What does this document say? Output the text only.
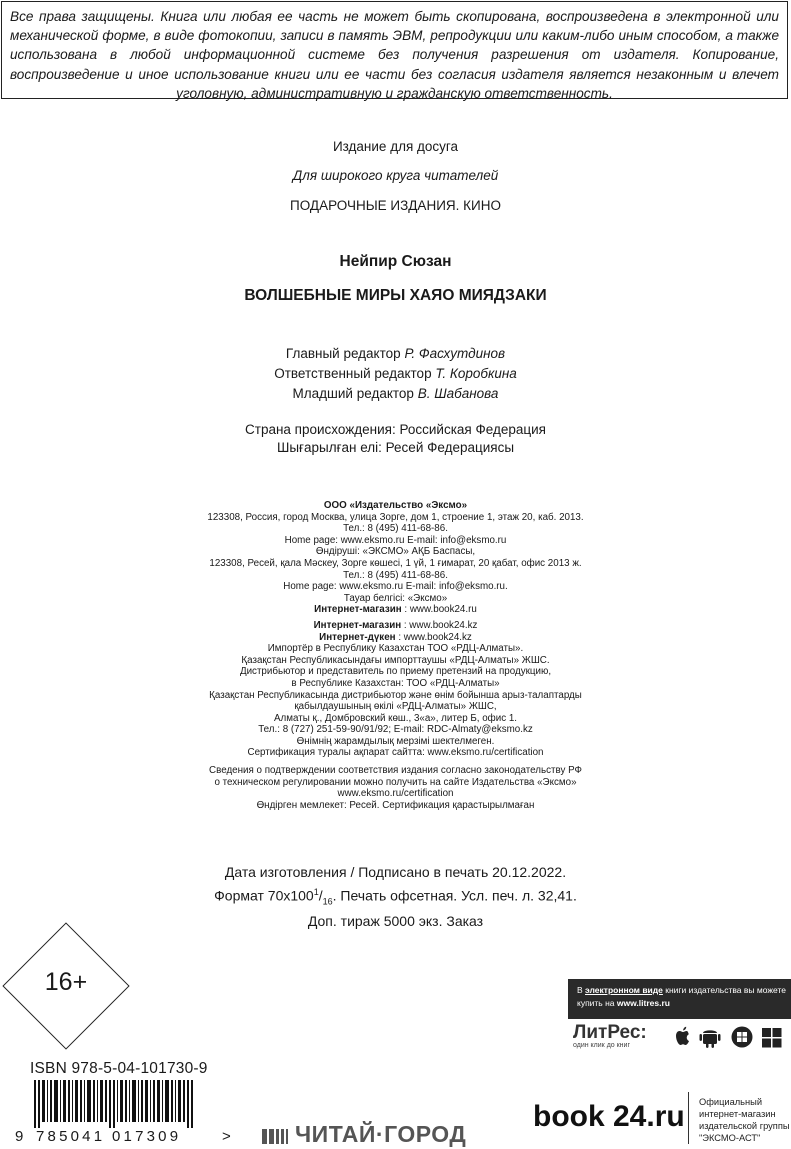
Все права защищены. Книга или любая ее часть не может быть скопирована, воспроизведена в электронной или механической форме, в виде фотокопии, записи в память ЭВМ, репродукции или каким-либо иным способом, а также использована в любой информационной системе без получения разрешения от издателя. Копирование, воспроизведение и иное использование книги или ее части без согласия издателя является незаконным и влечет уголовную, административную и гражданскую ответственность.

Издание для досуга
Для широкого круга читателей
ПОДАРОЧНЫЕ ИЗДАНИЯ. КИНО
Нейпир Сюзан
ВОЛШЕБНЫЕ МИРЫ ХАЯО МИЯДЗАКИ
Главный редактор Р. Фасхутдинов
Ответственный редактор Т. Коробкина
Младший редактор В. Шабанова
Страна происхождения: Российская Федерация
Шығарылған елі: Ресей Федерациясы
ООО «Издательство «Эксмо»
123308, Россия, город Москва, улица Зорге, дом 1, строение 1, этаж 20, каб. 2013.
Тел.: 8 (495) 411-68-86.
Home page: www.eksmo.ru E-mail: info@eksmo.ru
Өндіруші: «ЭКСМО» АҚБ Баспасы,
123308, Ресей, қала Мәскеу, Зорге көшесі, 1 үй, 1 ғимарат, 20 қабат, офис 2013 ж.
Тел.: 8 (495) 411-68-86.
Home page: www.eksmo.ru E-mail: info@eksmo.ru.
Тауар белгісі: «Эксмо»
Интернет-магазин : www.book24.ru
Интернет-магазин : www.book24.kz
Интернет-дүкен : www.book24.kz
Импортёр в Республику Казахстан ТОО «РДЦ-Алматы».
Қазақстан Республикасындағы импорттаушы «РДЦ-Алматы» ЖШС.
Дистрибьютор и представитель по приему претензий на продукцию,
в Республике Казахстан: ТОО «РДЦ-Алматы»
Қазақстан Республикасында дистрибьютор және өнім бойынша арыз-талаптарды
қабылдаушының өкілі «РДЦ-Алматы» ЖШС,
Алматы қ., Домбровский көш., 3«а», литер Б, офис 1.
Тел.: 8 (727) 251-59-90/91/92; E-mail: RDC-Almaty@eksmo.kz
Өнімнің жарамдылық мерзімі шектелмеген.
Сертификация туралы ақпарат сайтта: www.eksmo.ru/certification
Сведения о подтверждении соответствия издания согласно законодательству РФ
о техническом регулировании можно получить на сайте Издательства «Эксмо»
www.eksmo.ru/certification
Өндірген мемлекет: Ресей. Сертификация қарастырылмаған
Дата изготовления / Подписано в печать 20.12.2022.
Формат $70x100^1/_{16}$. Печать офсетная. Усл. печ. л. 32,41.
Доп. тираж 5000 экз. Заказ
16+
ISBN 978-5-04-101730-9
9 785041 017309	>	ЧИТАЙ·ГОРОД
В электронном виде книги издательства вы можете
купить на www.litres.ru
ЛитРес:
один клик до книг
book 24.ru Официальный
интернет-магазин
издательской группы
"ЭКСМО-АСТ"
